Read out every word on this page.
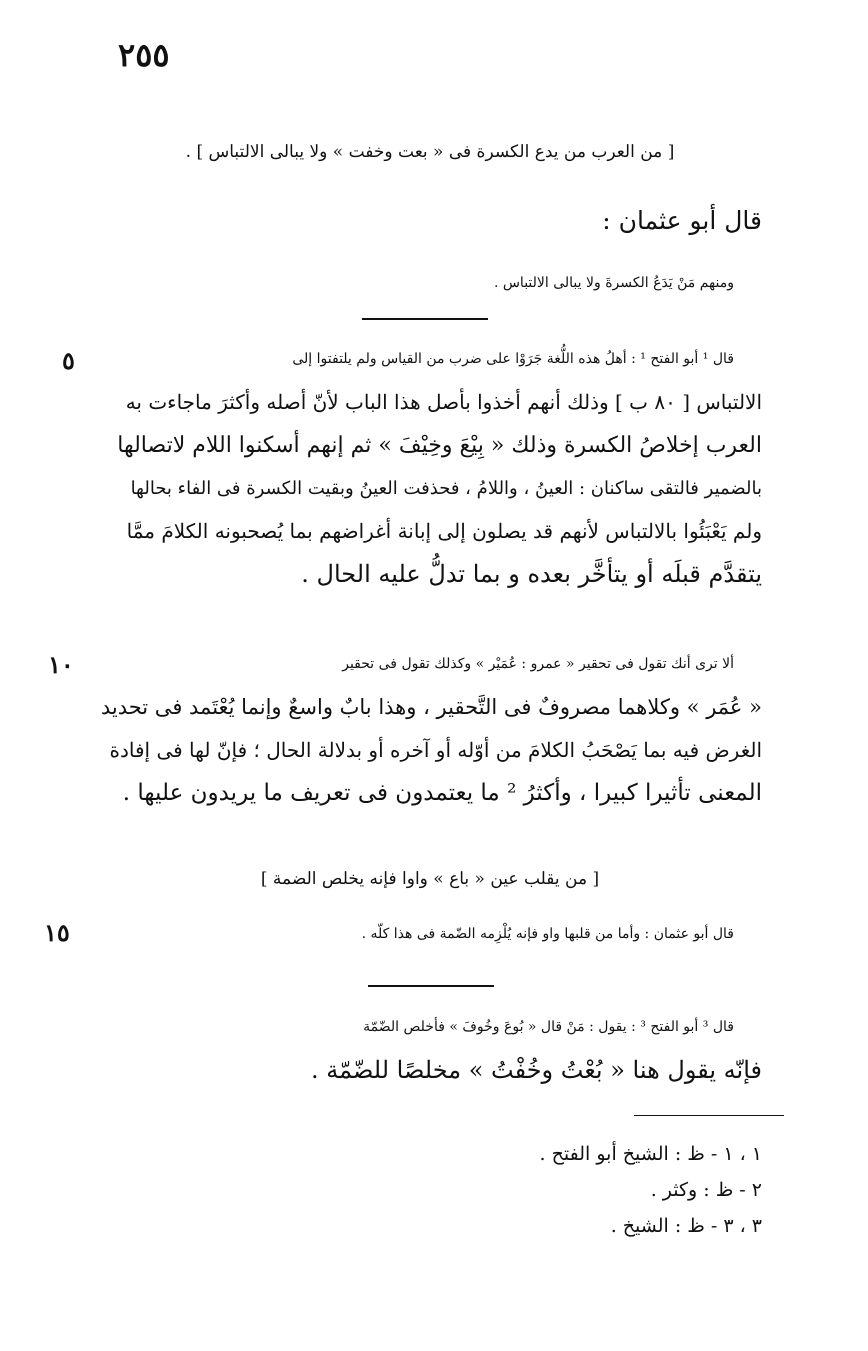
٢٥٥
[ من العرب من يدع الكسرة فى « بعت وخفت » ولا يبالى الالتباس ] .
قال أبو عثمان :
ومنهم مَنْ يَدَعُ الكسرةَ ولا يبالى الالتباس .
٥	قال ¹ أبو الفتح ¹ : أهلُ هذه اللُّغة جَرَوْا على ضرب من القياس ولم يلتفتوا إلى
الالتباس [ ٨٠ ب ] وذلك أنهم أخذوا بأصل هذا الباب لأنّ أصله وأكثرَ ماجاءت به
العرب إخلاصُ الكسرة وذلك « بِيْعَ وخِيْفَ » ثم إنهم أسكنوا اللام لاتصالها
بالضمير فالتقى ساكنان : العينُ ، واللامُ ، فحذفت العينُ وبقيت الكسرة فى الفاء بحالها
ولم يَعْبَئُوا بالالتباس لأنهم قد يصلون إلى إبانة أغراضهم بما يُصحبونه الكلامَ ممَّا
يتقدَّم قبلَه أو يتأخَّر بعده و بما تدلُّ عليه الحال .
١٠	ألا ترى أنك تقول فى تحقير « عمرو : عُمَيْر » وكذلك تقول فى تحقير
« عُمَر » وكلاهما مصروفٌ فى التَّحقير ، وهذا بابٌ واسعٌ وإنما يُعْتَمد فى تحديد
الغرض فيه بما يَصْحَبُ الكلامَ من أوّله أو آخره أو بدلالة الحال ؛ فإنّ لها فى إفادة
المعنى تأثيرا كبيرا ، وأكثرُ ² ما يعتمدون فى تعريف ما يريدون عليها .
[ من يقلب عين « باع » واوا فإنه يخلص الضمة ]
١٥	قال أبو عثمان : وأما من قلبها واو فإنه يُلْزِمه الضّمة فى هذا كلّه .
قال ³ أبو الفتح ³ : يقول : مَنْ قال « بُوعَ وخُوفَ » فأخلص الضّمّة
فإنّه يقول هنا « بُعْتُ وخُفْتُ » مخلصًا للضّمّة .
١ ، ١ - ظ : الشيخ أبو الفتح .
٢ - ظ : وكثر .
٣ ، ٣ - ظ : الشيخ .
